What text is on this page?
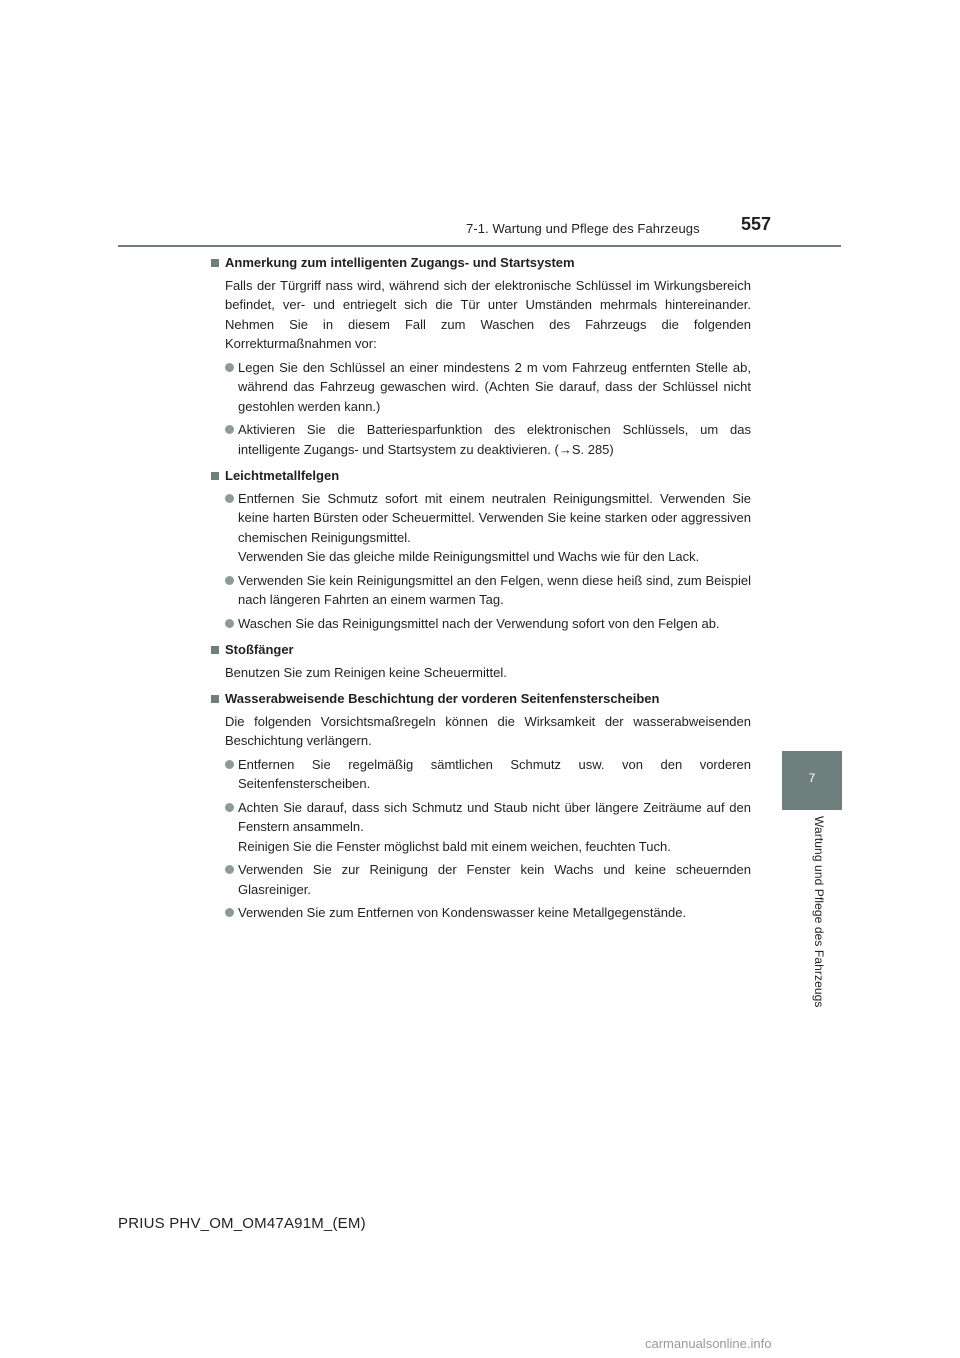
7-1. Wartung und Pflege des Fahrzeugs 557
7
Wartung und Pflege des Fahrzeugs
Anmerkung zum intelligenten Zugangs- und Startsystem
Falls der Türgriff nass wird, während sich der elektronische Schlüssel im Wirkungsbereich befindet, ver- und entriegelt sich die Tür unter Umständen mehrmals hintereinander. Nehmen Sie in diesem Fall zum Waschen des Fahrzeugs die folgenden Korrekturmaßnahmen vor:
Legen Sie den Schlüssel an einer mindestens 2 m vom Fahrzeug entfernten Stelle ab, während das Fahrzeug gewaschen wird. (Achten Sie darauf, dass der Schlüssel nicht gestohlen werden kann.)
Aktivieren Sie die Batteriesparfunktion des elektronischen Schlüssels, um das intelligente Zugangs- und Startsystem zu deaktivieren. (→S. 285)
Leichtmetallfelgen
Entfernen Sie Schmutz sofort mit einem neutralen Reinigungsmittel. Verwenden Sie keine harten Bürsten oder Scheuermittel. Verwenden Sie keine starken oder aggressiven chemischen Reinigungsmittel.
Verwenden Sie das gleiche milde Reinigungsmittel und Wachs wie für den Lack.
Verwenden Sie kein Reinigungsmittel an den Felgen, wenn diese heiß sind, zum Beispiel nach längeren Fahrten an einem warmen Tag.
Waschen Sie das Reinigungsmittel nach der Verwendung sofort von den Felgen ab.
Stoßfänger
Benutzen Sie zum Reinigen keine Scheuermittel.
Wasserabweisende Beschichtung der vorderen Seitenfensterscheiben
Die folgenden Vorsichtsmaßregeln können die Wirksamkeit der wasserabweisenden Beschichtung verlängern.
Entfernen Sie regelmäßig sämtlichen Schmutz usw. von den vorderen Seitenfensterscheiben.
Achten Sie darauf, dass sich Schmutz und Staub nicht über längere Zeiträume auf den Fenstern ansammeln.
Reinigen Sie die Fenster möglichst bald mit einem weichen, feuchten Tuch.
Verwenden Sie zur Reinigung der Fenster kein Wachs und keine scheuernden Glasreiniger.
Verwenden Sie zum Entfernen von Kondenswasser keine Metallgegenstände.
PRIUS PHV_OM_OM47A91M_(EM)
carmanualsonline.info
